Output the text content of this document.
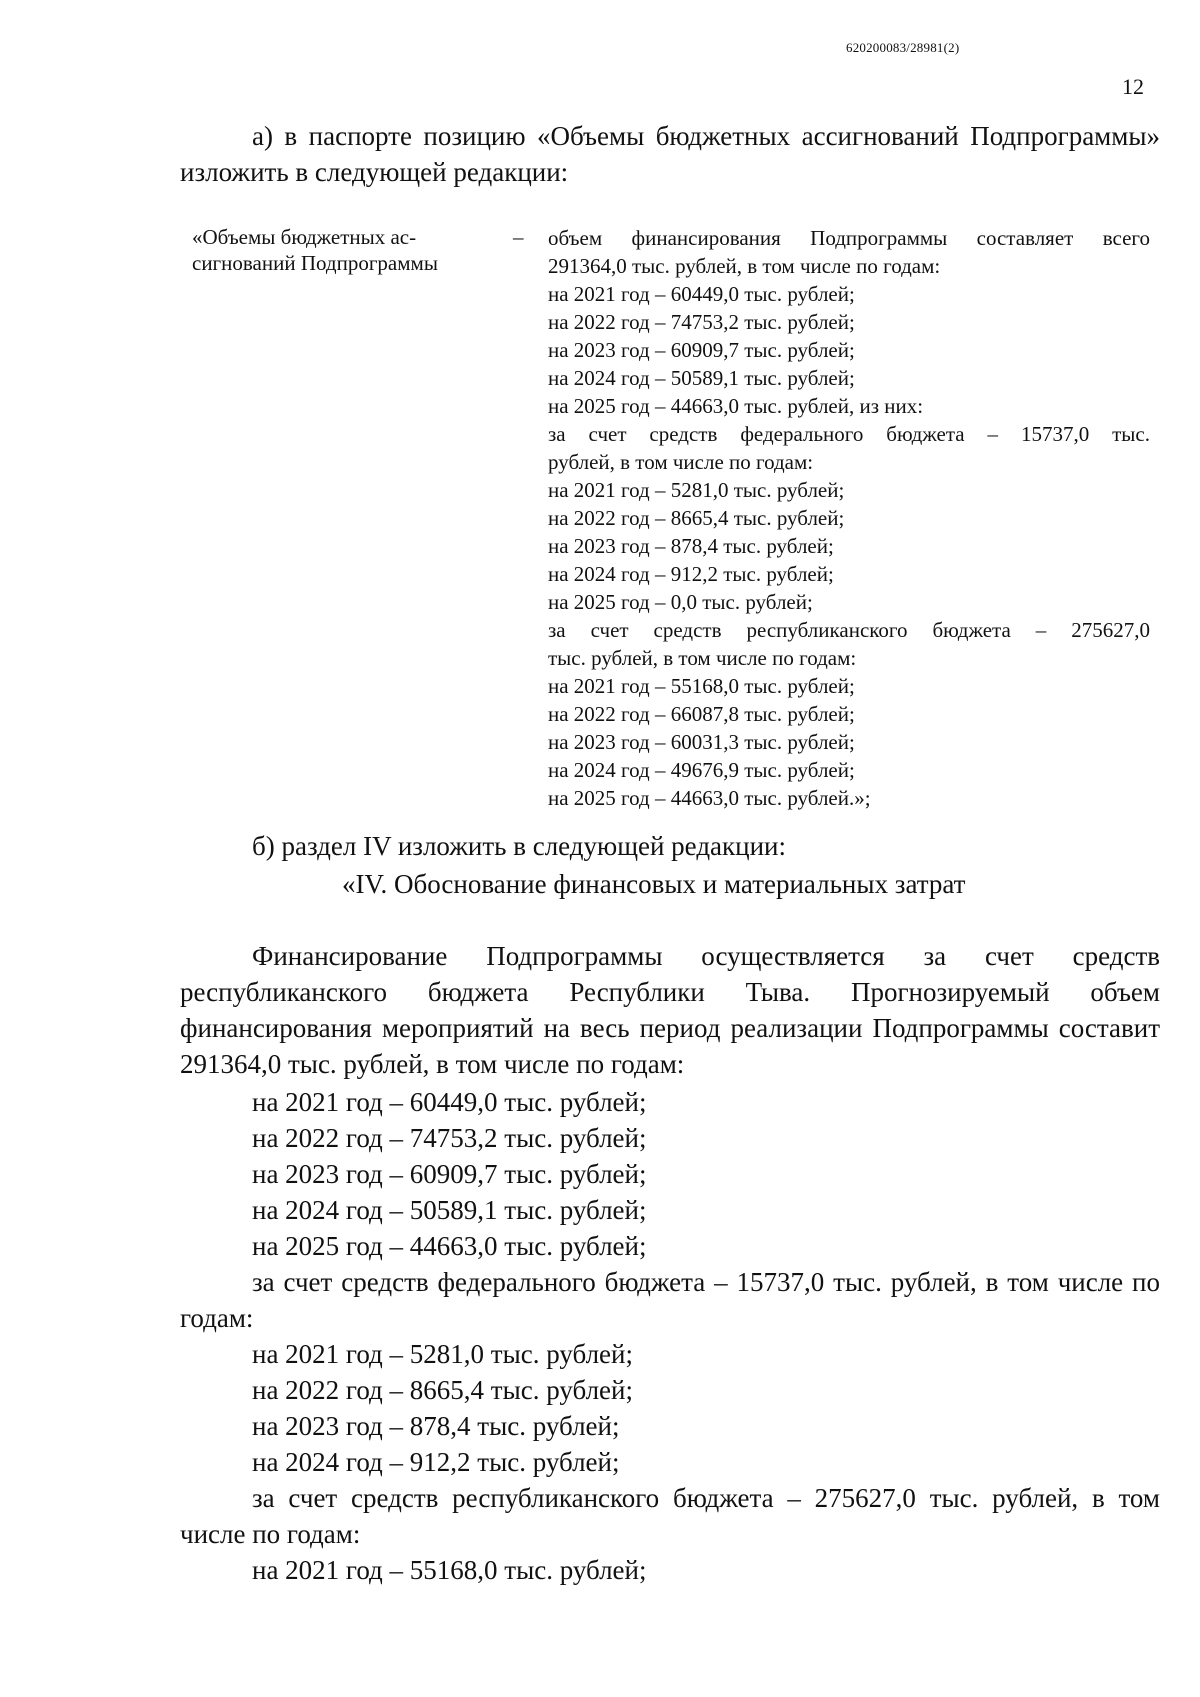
620200083/28981(2)
12
а) в паспорте позицию «Объемы бюджетных ассигнований Подпрограммы» изложить в следующей редакции:
«Объемы бюджетных ас-
сигнований Подпрограммы
– объем финансирования Подпрограммы составляет всего
291364,0 тыс. рублей, в том числе по годам:
на 2021 год – 60449,0 тыс. рублей;
на 2022 год – 74753,2 тыс. рублей;
на 2023 год – 60909,7 тыс. рублей;
на 2024 год – 50589,1 тыс. рублей;
на 2025 год – 44663,0 тыс. рублей, из них:
за счет средств федерального бюджета – 15737,0 тыс.
рублей, в том числе по годам:
на 2021 год – 5281,0 тыс. рублей;
на 2022 год – 8665,4 тыс. рублей;
на 2023 год – 878,4 тыс. рублей;
на 2024 год – 912,2 тыс. рублей;
на 2025 год – 0,0 тыс. рублей;
за счет средств республиканского бюджета – 275627,0
тыс. рублей, в том числе по годам:
на 2021 год – 55168,0 тыс. рублей;
на 2022 год – 66087,8 тыс. рублей;
на 2023 год – 60031,3 тыс. рублей;
на 2024 год – 49676,9 тыс. рублей;
на 2025 год – 44663,0 тыс. рублей.»;
б) раздел IV изложить в следующей редакции:
«IV. Обоснование финансовых и материальных затрат
Финансирование Подпрограммы осуществляется за счет средств республиканского бюджета Республики Тыва. Прогнозируемый объем финансирования мероприятий на весь период реализации Подпрограммы составит 291364,0 тыс. рублей, в том числе по годам:
на 2021 год – 60449,0 тыс. рублей;
на 2022 год – 74753,2 тыс. рублей;
на 2023 год – 60909,7 тыс. рублей;
на 2024 год – 50589,1 тыс. рублей;
на 2025 год – 44663,0 тыс. рублей;
за счет средств федерального бюджета – 15737,0 тыс. рублей, в том числе по годам:
на 2021 год – 5281,0 тыс. рублей;
на 2022 год – 8665,4 тыс. рублей;
на 2023 год – 878,4 тыс. рублей;
на 2024 год – 912,2 тыс. рублей;
за счет средств республиканского бюджета – 275627,0 тыс. рублей, в том числе по годам:
на 2021 год – 55168,0 тыс. рублей;
